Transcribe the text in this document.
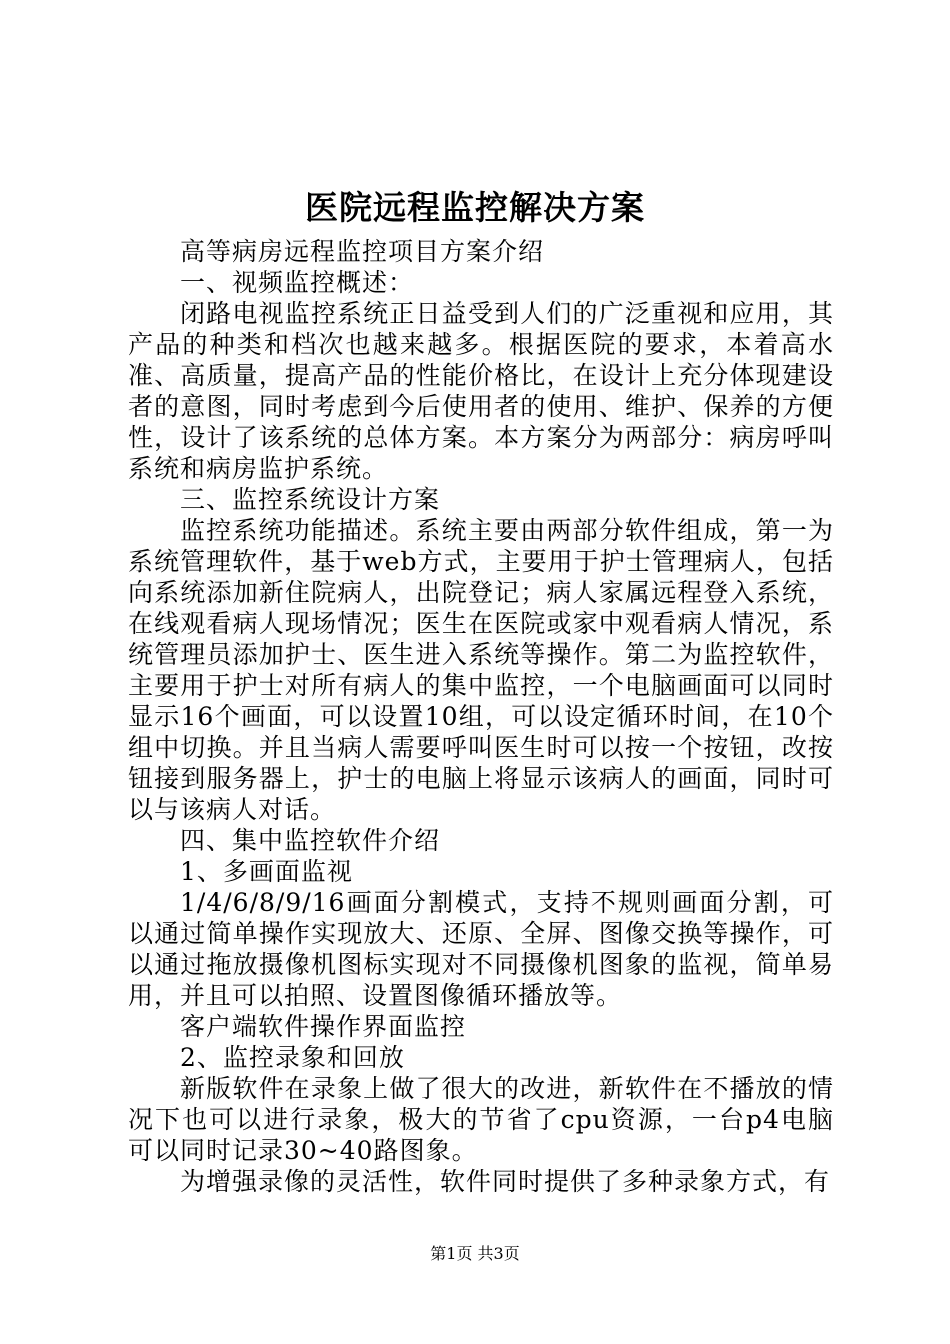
医院远程监控解决方案

高等病房远程监控项目方案介绍

一、视频监控概述：

闭路电视监控系统正日益受到人们的广泛重视和应用，其产品的种类和档次也越来越多。根据医院的要求，本着高水准、高质量，提高产品的性能价格比，在设计上充分体现建设者的意图，同时考虑到今后使用者的使用、维护、保养的方便性，设计了该系统的总体方案。本方案分为两部分：病房呼叫系统和病房监护系统。

三、监控系统设计方案

监控系统功能描述。系统主要由两部分软件组成，第一为系统管理软件，基于web方式，主要用于护士管理病人，包括向系统添加新住院病人，出院登记；病人家属远程登入系统，在线观看病人现场情况；医生在医院或家中观看病人情况，系统管理员添加护士、医生进入系统等操作。第二为监控软件，主要用于护士对所有病人的集中监控，一个电脑画面可以同时显示16个画面，可以设置10组，可以设定循环时间，在10个组中切换。并且当病人需要呼叫医生时可以按一个按钮，改按钮接到服务器上，护士的电脑上将显示该病人的画面，同时可以与该病人对话。

四、集中监控软件介绍

1、多画面监视

1/4/6/8/9/16画面分割模式，支持不规则画面分割，可以通过简单操作实现放大、还原、全屏、图像交换等操作，可以通过拖放摄像机图标实现对不同摄像机图象的监视，简单易用，并且可以拍照、设置图像循环播放等。

客户端软件操作界面监控

2、监控录象和回放

新版软件在录象上做了很大的改进，新软件在不播放的情况下也可以进行录象，极大的节省了cpu资源，一台p4电脑可以同时记录30~40路图象。

为增强录像的灵活性，软件同时提供了多种录象方式，有

第1页 共3页
